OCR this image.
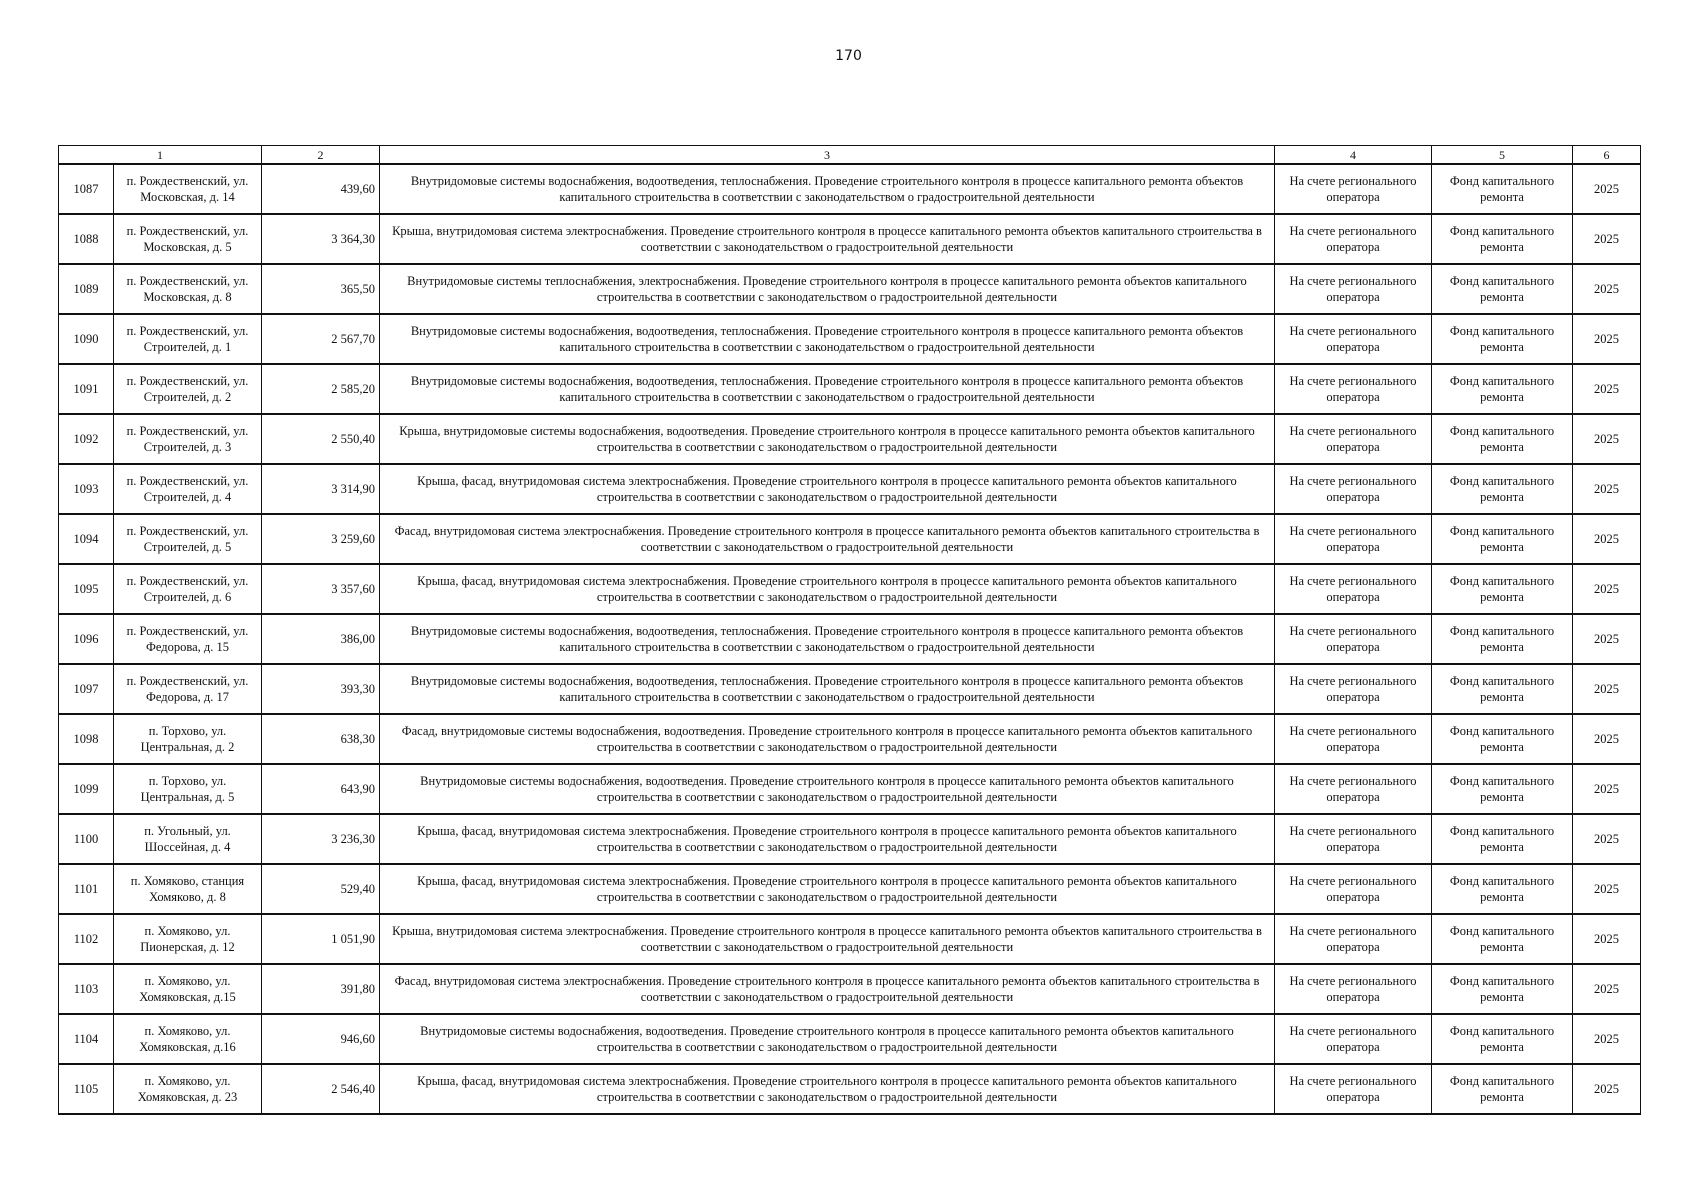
170
1		2	3	4	5	6
1087	п. Рождественский, ул. Московская, д. 14	439,60	Внутридомовые системы водоснабжения, водоотведения, теплоснабжения. Проведение строительного контроля в процессе капитального ремонта объектов капитального строительства в соответствии с законодательством о градостроительной деятельности	На счете регионального оператора	Фонд капитального ремонта	2025
1088	п. Рождественский, ул. Московская, д. 5	3 364,30	Крыша, внутридомовая система электроснабжения. Проведение строительного контроля в процессе капитального ремонта объектов капитального строительства в соответствии с законодательством о градостроительной деятельности	На счете регионального оператора	Фонд капитального ремонта	2025
1089	п. Рождественский, ул. Московская, д. 8	365,50	Внутридомовые системы теплоснабжения, электроснабжения. Проведение строительного контроля в процессе капитального ремонта объектов капитального строительства в соответствии с законодательством о градостроительной деятельности	На счете регионального оператора	Фонд капитального ремонта	2025
1090	п. Рождественский, ул. Строителей, д. 1	2 567,70	Внутридомовые системы водоснабжения, водоотведения, теплоснабжения. Проведение строительного контроля в процессе капитального ремонта объектов капитального строительства в соответствии с законодательством о градостроительной деятельности	На счете регионального оператора	Фонд капитального ремонта	2025
1091	п. Рождественский, ул. Строителей, д. 2	2 585,20	Внутридомовые системы водоснабжения, водоотведения, теплоснабжения. Проведение строительного контроля в процессе капитального ремонта объектов капитального строительства в соответствии с законодательством о градостроительной деятельности	На счете регионального оператора	Фонд капитального ремонта	2025
1092	п. Рождественский, ул. Строителей, д. 3	2 550,40	Крыша, внутридомовые системы водоснабжения, водоотведения. Проведение строительного контроля в процессе капитального ремонта объектов капитального строительства в соответствии с законодательством о градостроительной деятельности	На счете регионального оператора	Фонд капитального ремонта	2025
1093	п. Рождественский, ул. Строителей, д. 4	3 314,90	Крыша, фасад, внутридомовая система электроснабжения. Проведение строительного контроля в процессе капитального ремонта объектов капитального строительства в соответствии с законодательством о градостроительной деятельности	На счете регионального оператора	Фонд капитального ремонта	2025
1094	п. Рождественский, ул. Строителей, д. 5	3 259,60	Фасад, внутридомовая система электроснабжения. Проведение строительного контроля в процессе капитального ремонта объектов капитального строительства в соответствии с законодательством о градостроительной деятельности	На счете регионального оператора	Фонд капитального ремонта	2025
1095	п. Рождественский, ул. Строителей, д. 6	3 357,60	Крыша, фасад, внутридомовая система электроснабжения. Проведение строительного контроля в процессе капитального ремонта объектов капитального строительства в соответствии с законодательством о градостроительной деятельности	На счете регионального оператора	Фонд капитального ремонта	2025
1096	п. Рождественский, ул. Федорова, д. 15	386,00	Внутридомовые системы водоснабжения, водоотведения, теплоснабжения. Проведение строительного контроля в процессе капитального ремонта объектов капитального строительства в соответствии с законодательством о градостроительной деятельности	На счете регионального оператора	Фонд капитального ремонта	2025
1097	п. Рождественский, ул. Федорова, д. 17	393,30	Внутридомовые системы водоснабжения, водоотведения, теплоснабжения. Проведение строительного контроля в процессе капитального ремонта объектов капитального строительства в соответствии с законодательством о градостроительной деятельности	На счете регионального оператора	Фонд капитального ремонта	2025
1098	п. Торхово, ул. Центральная, д. 2	638,30	Фасад, внутридомовые системы водоснабжения, водоотведения. Проведение строительного контроля в процессе капитального ремонта объектов капитального строительства в соответствии с законодательством о градостроительной деятельности	На счете регионального оператора	Фонд капитального ремонта	2025
1099	п. Торхово, ул. Центральная, д. 5	643,90	Внутридомовые системы водоснабжения, водоотведения. Проведение строительного контроля в процессе капитального ремонта объектов капитального строительства в соответствии с законодательством о градостроительной деятельности	На счете регионального оператора	Фонд капитального ремонта	2025
1100	п. Угольный, ул. Шоссейная, д. 4	3 236,30	Крыша, фасад, внутридомовая система электроснабжения. Проведение строительного контроля в процессе капитального ремонта объектов капитального строительства в соответствии с законодательством о градостроительной деятельности	На счете регионального оператора	Фонд капитального ремонта	2025
1101	п. Хомяково, станция Хомяково, д. 8	529,40	Крыша, фасад, внутридомовая система электроснабжения. Проведение строительного контроля в процессе капитального ремонта объектов капитального строительства в соответствии с законодательством о градостроительной деятельности	На счете регионального оператора	Фонд капитального ремонта	2025
1102	п. Хомяково, ул. Пионерская, д. 12	1 051,90	Крыша, внутридомовая система электроснабжения. Проведение строительного контроля в процессе капитального ремонта объектов капитального строительства в соответствии с законодательством о градостроительной деятельности	На счете регионального оператора	Фонд капитального ремонта	2025
1103	п. Хомяково, ул. Хомяковская, д.15	391,80	Фасад, внутридомовая система электроснабжения. Проведение строительного контроля в процессе капитального ремонта объектов капитального строительства в соответствии с законодательством о градостроительной деятельности	На счете регионального оператора	Фонд капитального ремонта	2025
1104	п. Хомяково, ул. Хомяковская, д.16	946,60	Внутридомовые системы водоснабжения, водоотведения. Проведение строительного контроля в процессе капитального ремонта объектов капитального строительства в соответствии с законодательством о градостроительной деятельности	На счете регионального оператора	Фонд капитального ремонта	2025
1105	п. Хомяково, ул. Хомяковская, д. 23	2 546,40	Крыша, фасад, внутридомовая система электроснабжения. Проведение строительного контроля в процессе капитального ремонта объектов капитального строительства в соответствии с законодательством о градостроительной деятельности	На счете регионального оператора	Фонд капитального ремонта	2025
